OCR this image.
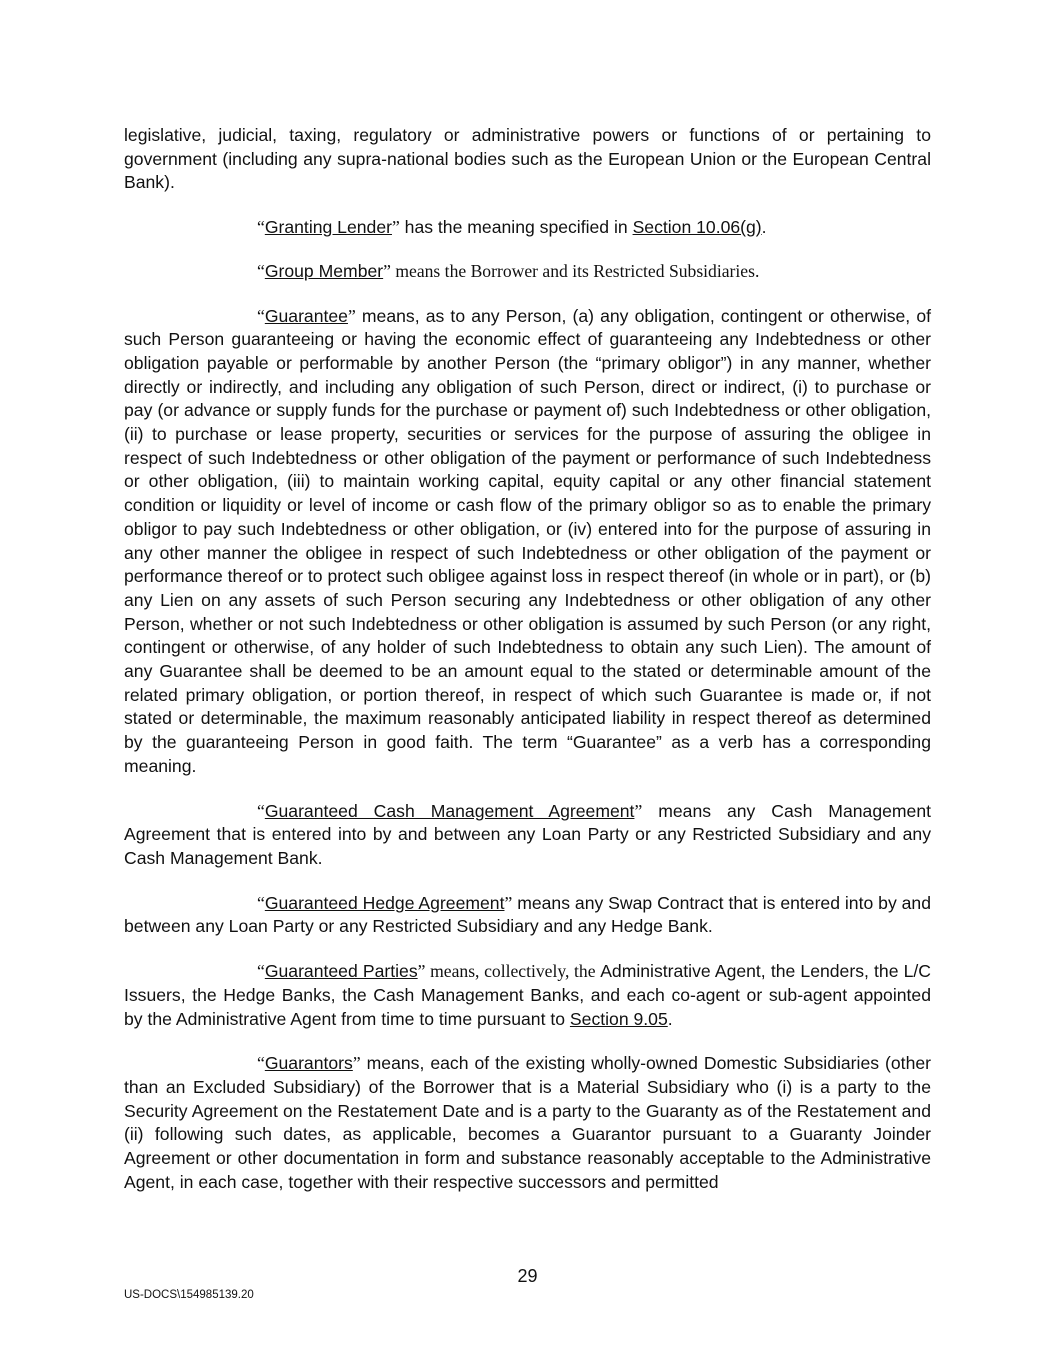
legislative, judicial, taxing, regulatory or administrative powers or functions of or pertaining to government (including any supra-national bodies such as the European Union or the European Central Bank).

“Granting Lender” has the meaning specified in Section 10.06(g).

“Group Member” means the Borrower and its Restricted Subsidiaries.

“Guarantee” means, as to any Person, (a) any obligation, contingent or otherwise, of such Person guaranteeing or having the economic effect of guaranteeing any Indebtedness or other obligation payable or performable by another Person (the “primary obligor”) in any manner, whether directly or indirectly, and including any obligation of such Person, direct or indirect, (i) to purchase or pay (or advance or supply funds for the purchase or payment of) such Indebtedness or other obligation, (ii) to purchase or lease property, securities or services for the purpose of assuring the obligee in respect of such Indebtedness or other obligation of the payment or performance of such Indebtedness or other obligation, (iii) to maintain working capital, equity capital or any other financial statement condition or liquidity or level of income or cash flow of the primary obligor so as to enable the primary obligor to pay such Indebtedness or other obligation, or (iv) entered into for the purpose of assuring in any other manner the obligee in respect of such Indebtedness or other obligation of the payment or performance thereof or to protect such obligee against loss in respect thereof (in whole or in part), or (b) any Lien on any assets of such Person securing any Indebtedness or other obligation of any other Person, whether or not such Indebtedness or other obligation is assumed by such Person (or any right, contingent or otherwise, of any holder of such Indebtedness to obtain any such Lien). The amount of any Guarantee shall be deemed to be an amount equal to the stated or determinable amount of the related primary obligation, or portion thereof, in respect of which such Guarantee is made or, if not stated or determinable, the maximum reasonably anticipated liability in respect thereof as determined by the guaranteeing Person in good faith. The term “Guarantee” as a verb has a corresponding meaning.

“Guaranteed Cash Management Agreement” means any Cash Management Agreement that is entered into by and between any Loan Party or any Restricted Subsidiary and any Cash Management Bank.

“Guaranteed Hedge Agreement” means any Swap Contract that is entered into by and between any Loan Party or any Restricted Subsidiary and any Hedge Bank.

“Guaranteed Parties” means, collectively, the Administrative Agent, the Lenders, the L/C Issuers, the Hedge Banks, the Cash Management Banks, and each co-agent or sub-agent appointed by the Administrative Agent from time to time pursuant to Section 9.05.

“Guarantors” means, each of the existing wholly-owned Domestic Subsidiaries (other than an Excluded Subsidiary) of the Borrower that is a Material Subsidiary who (i) is a party to the Security Agreement on the Restatement Date and is a party to the Guaranty as of the Restatement and (ii) following such dates, as applicable, becomes a Guarantor pursuant to a Guaranty Joinder Agreement or other documentation in form and substance reasonably acceptable to the Administrative Agent, in each case, together with their respective successors and permitted

29
US-DOCS\154985139.20
